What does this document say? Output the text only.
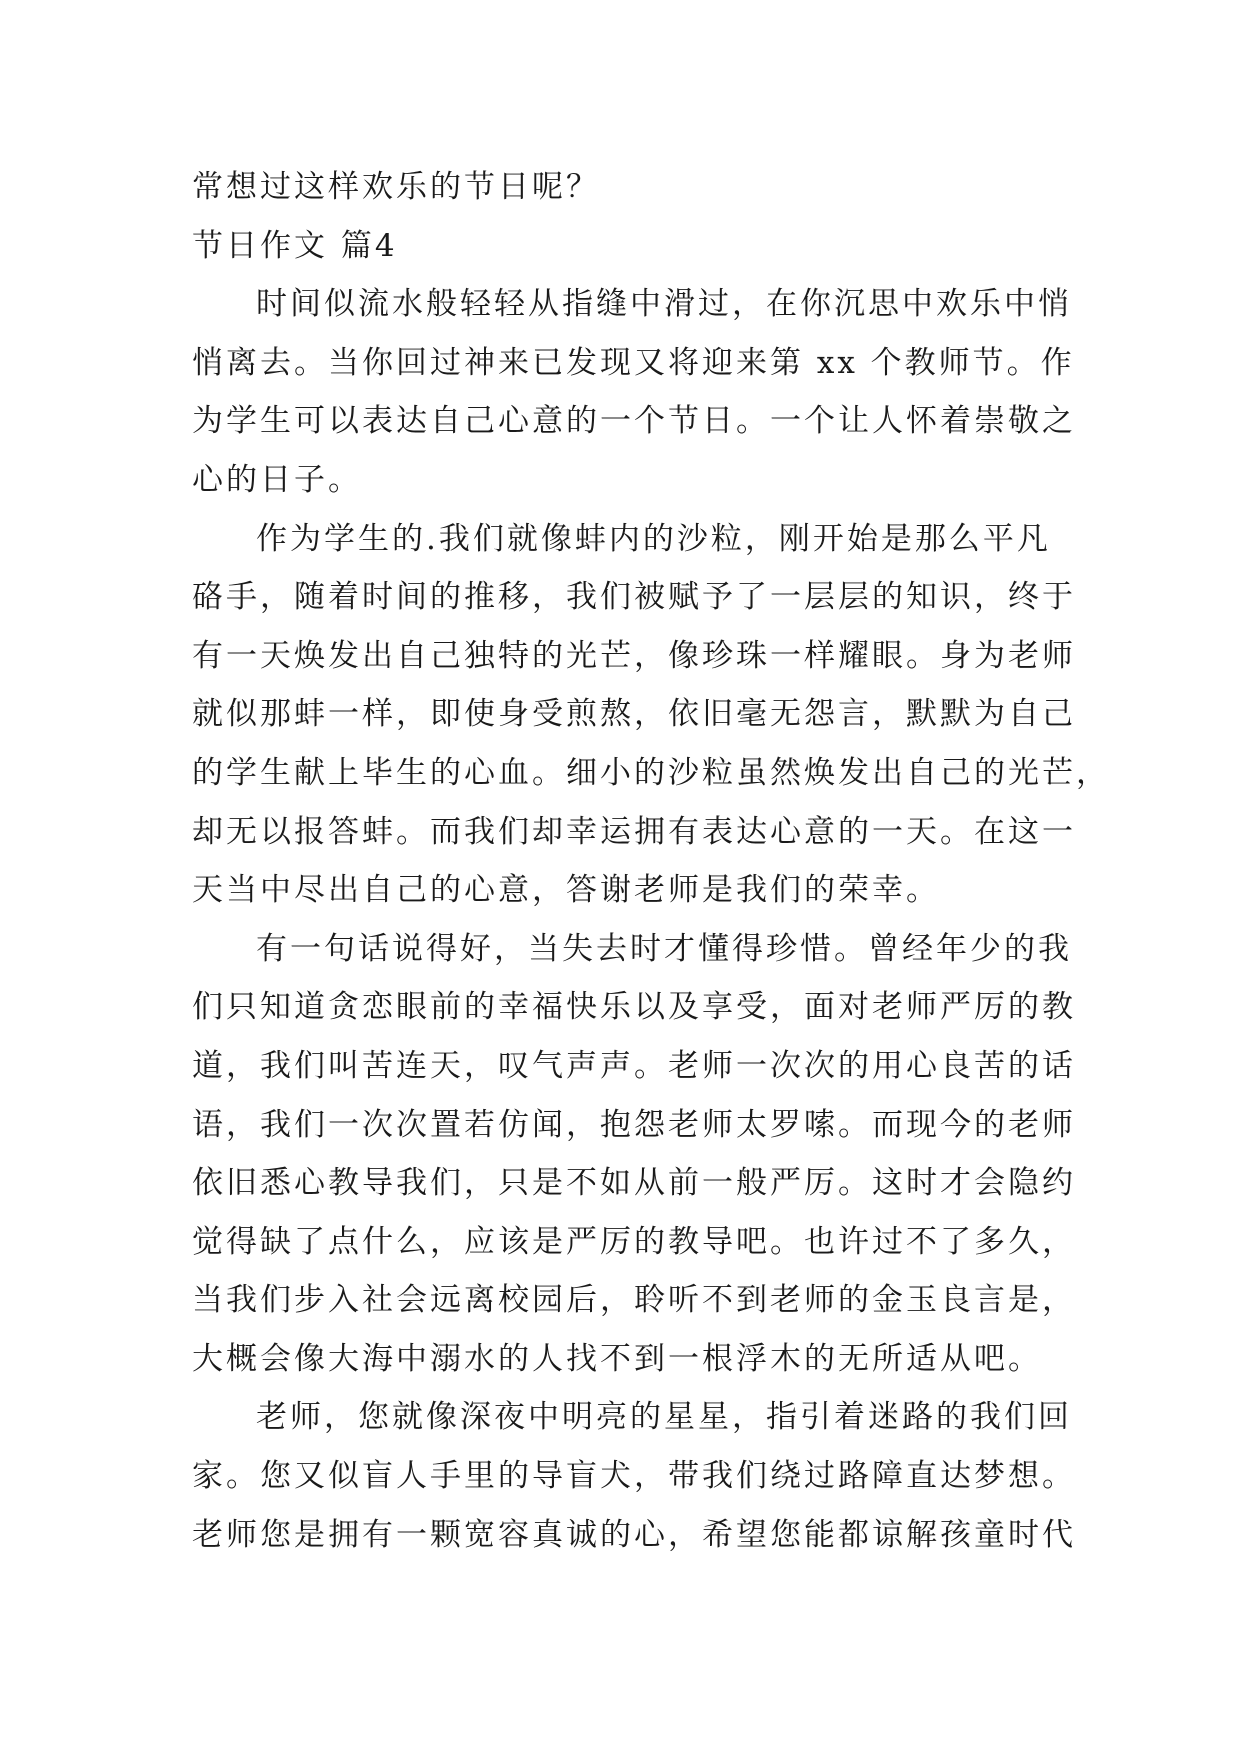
常想过这样欢乐的节日呢？

节日作文 篇4

时间似流水般轻轻从指缝中滑过，在你沉思中欢乐中悄

悄离去。当你回过神来已发现又将迎来第 xx 个教师节。作

为学生可以表达自己心意的一个节日。一个让人怀着崇敬之

心的日子。

作为学生的.我们就像蚌内的沙粒，刚开始是那么平凡

硌手，随着时间的推移，我们被赋予了一层层的知识，终于

有一天焕发出自己独特的光芒，像珍珠一样耀眼。身为老师

就似那蚌一样，即使身受煎熬，依旧毫无怨言，默默为自己

的学生献上毕生的心血。细小的沙粒虽然焕发出自己的光芒，

却无以报答蚌。而我们却幸运拥有表达心意的一天。在这一

天当中尽出自己的心意，答谢老师是我们的荣幸。

有一句话说得好，当失去时才懂得珍惜。曾经年少的我

们只知道贪恋眼前的幸福快乐以及享受，面对老师严厉的教

道，我们叫苦连天，叹气声声。老师一次次的用心良苦的话

语，我们一次次置若仿闻，抱怨老师太罗嗦。而现今的老师

依旧悉心教导我们，只是不如从前一般严厉。这时才会隐约

觉得缺了点什么，应该是严厉的教导吧。也许过不了多久，

当我们步入社会远离校园后，聆听不到老师的金玉良言是，

大概会像大海中溺水的人找不到一根浮木的无所适从吧。

老师，您就像深夜中明亮的星星，指引着迷路的我们回

家。您又似盲人手里的导盲犬，带我们绕过路障直达梦想。

老师您是拥有一颗宽容真诚的心，希望您能都谅解孩童时代
